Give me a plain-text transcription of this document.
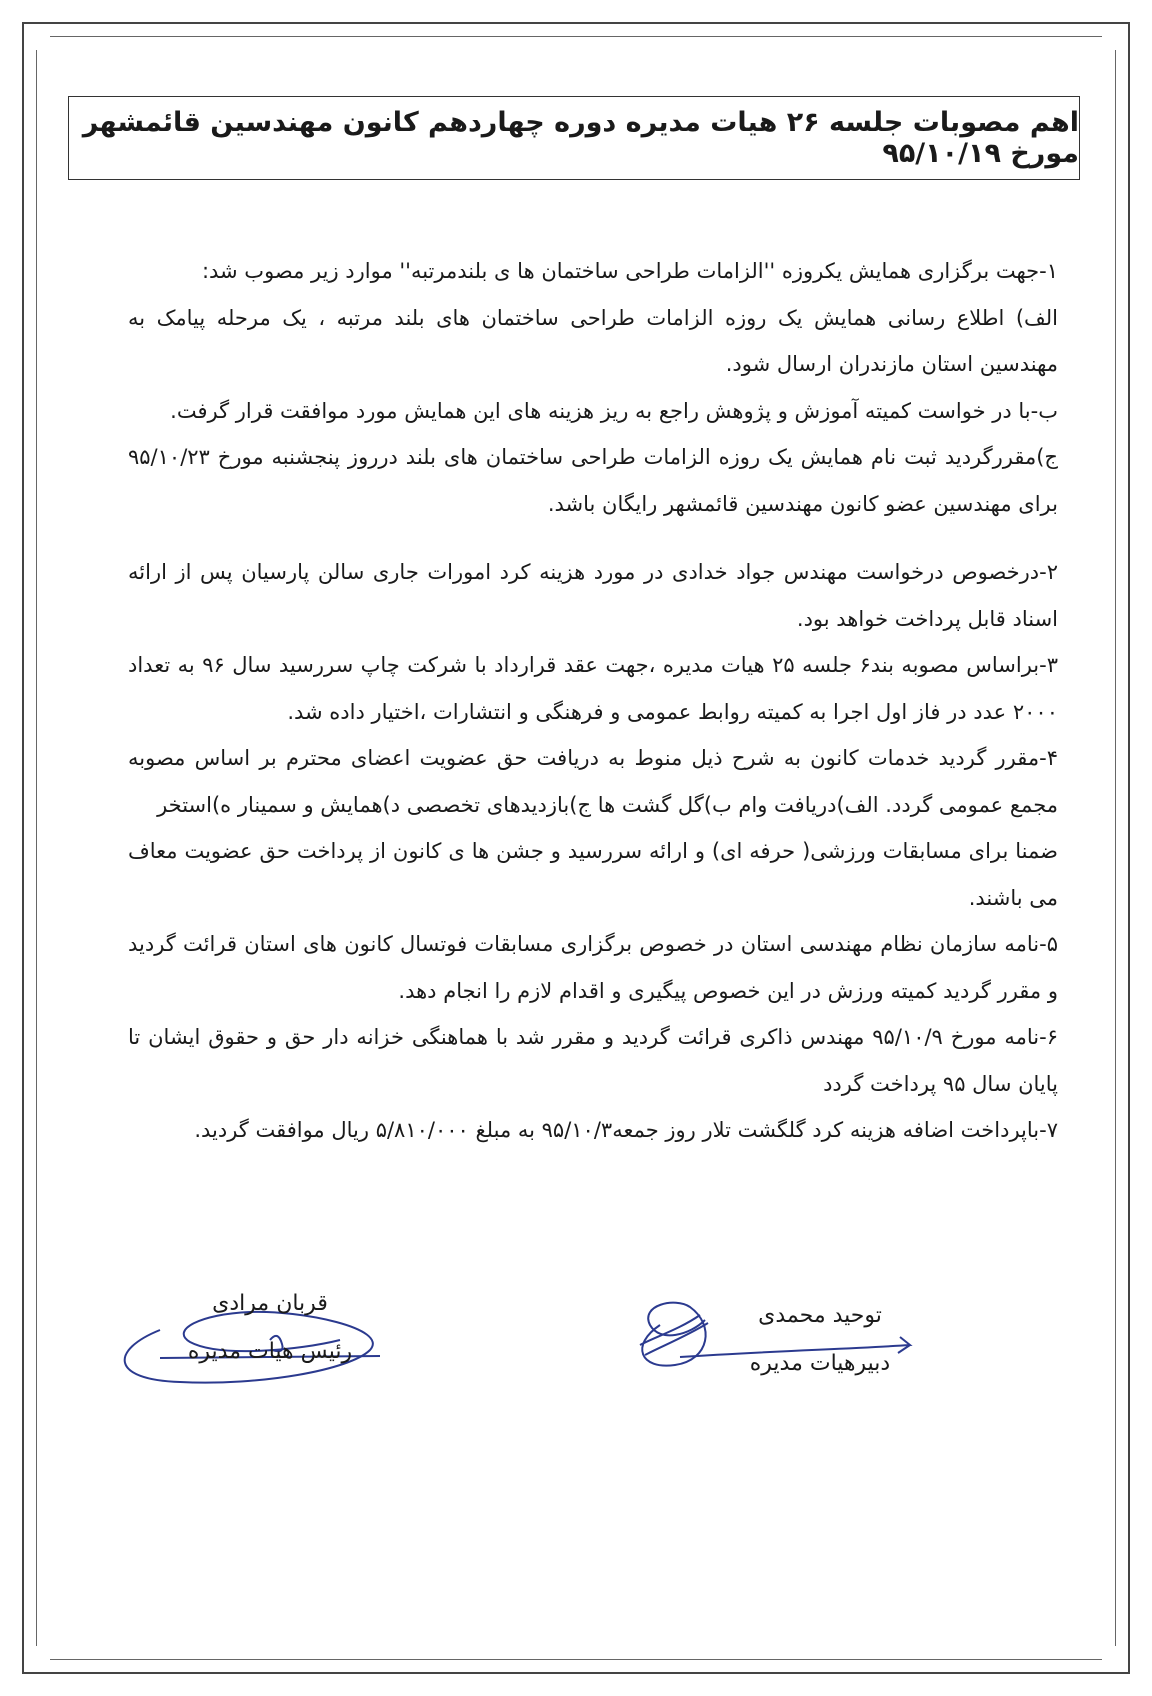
اهم مصوبات جلسه ۲۶ هیات مدیره دوره چهاردهم کانون مهندسین قائمشهر مورخ ۹۵/۱۰/۱۹

۱-جهت برگزاری همایش یکروزه ''الزامات طراحی ساختمان ها ی بلندمرتبه'' موارد زیر مصوب شد:

الف) اطلاع رسانی همایش یک روزه الزامات طراحی ساختمان های بلند مرتبه ، یک مرحله پیامک به مهندسین استان مازندران ارسال شود.

ب-با در خواست کمیته آموزش و پژوهش راجع به ریز هزینه های این همایش مورد موافقت قرار گرفت.

ج)مقررگردید ثبت نام همایش یک روزه الزامات طراحی ساختمان های بلند درروز پنجشنبه مورخ ۹۵/۱۰/۲۳ برای مهندسین عضو کانون مهندسین قائمشهر رایگان باشد.

۲-درخصوص درخواست مهندس جواد خدادی در مورد هزینه کرد امورات جاری سالن پارسیان پس از ارائه اسناد قابل پرداخت خواهد بود.

۳-براساس مصوبه بند۶ جلسه ۲۵ هیات مدیره ،جهت عقد قرارداد با شرکت چاپ سررسید سال ۹۶ به تعداد ۲۰۰۰ عدد در فاز اول اجرا به کمیته روابط عمومی و فرهنگی و انتشارات ،اختیار داده شد.

۴-مقرر گردید خدمات کانون به شرح ذیل منوط به دریافت حق عضویت اعضای محترم بر اساس مصوبه مجمع عمومی گردد. الف)دریافت وام ب)گل گشت ها ج)بازدیدهای تخصصی د)همایش و سمینار ه)استخر

ضمنا برای مسابقات ورزشی( حرفه ای) و ارائه سررسید و جشن ها ی کانون از پرداخت حق عضویت معاف می باشند.

۵-نامه سازمان نظام مهندسی استان در خصوص برگزاری مسابقات فوتسال کانون های استان قرائت گردید و مقرر گردید کمیته ورزش در این خصوص پیگیری و اقدام لازم را انجام دهد.

۶-نامه مورخ ۹۵/۱۰/۹ مهندس ذاکری قرائت گردید و مقرر شد با هماهنگی خزانه دار حق و حقوق ایشان تا پایان سال ۹۵ پرداخت گردد

۷-باپرداخت اضافه هزینه کرد گلگشت تلار روز جمعه۹۵/۱۰/۳ به مبلغ ۵/۸۱۰/۰۰۰ ریال موافقت گردید.

قربان مرادی
رئیس هیات مدیره
توحید محمدی
دبیرهیات مدیره
